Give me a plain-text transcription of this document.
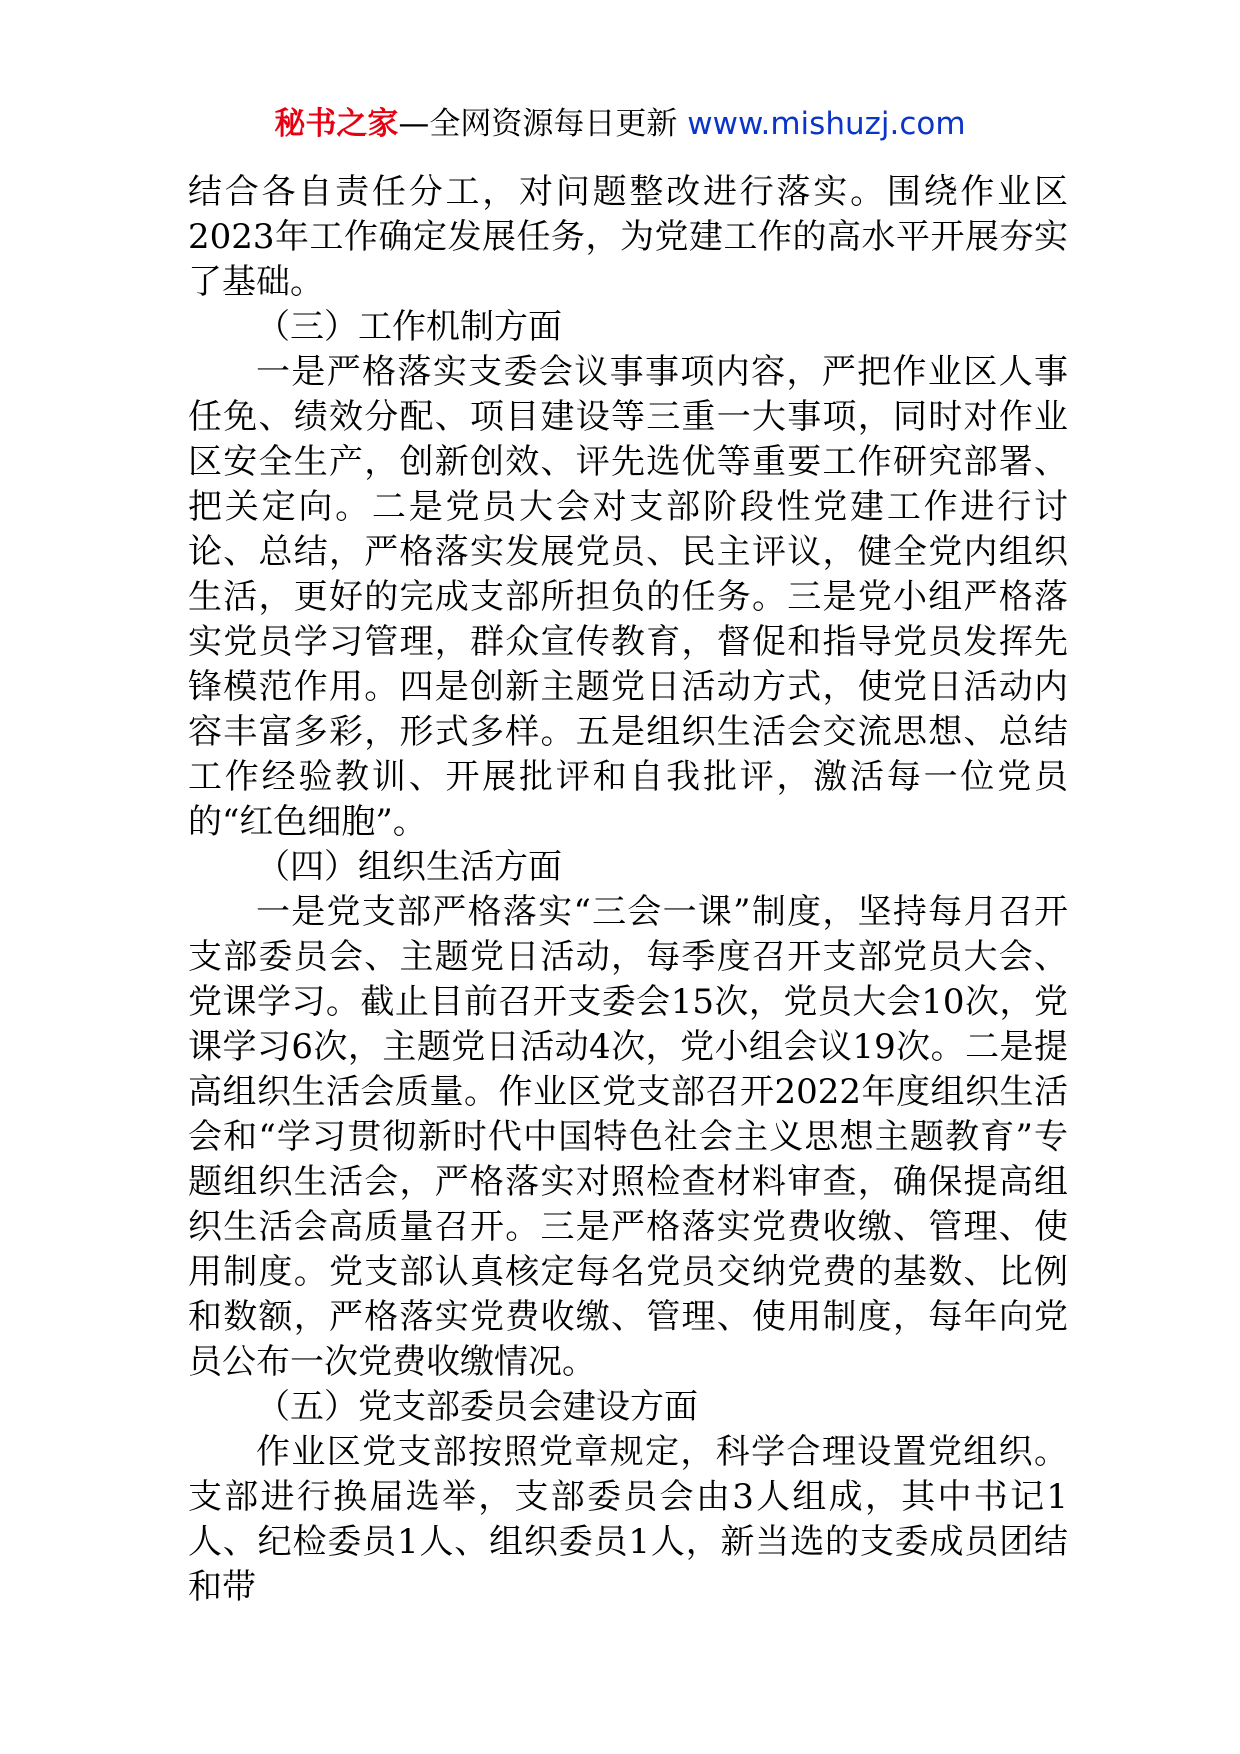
秘书之家—全网资源每日更新 www.mishuzj.com

结合各自责任分工，对问题整改进行落实。围绕作业区2023年工作确定发展任务，为党建工作的高水平开展夯实了基础。

（三）工作机制方面

一是严格落实支委会议事事项内容，严把作业区人事任免、绩效分配、项目建设等三重一大事项，同时对作业区安全生产，创新创效、评先选优等重要工作研究部署、把关定向。二是党员大会对支部阶段性党建工作进行讨论、总结，严格落实发展党员、民主评议，健全党内组织生活，更好的完成支部所担负的任务。三是党小组严格落实党员学习管理，群众宣传教育，督促和指导党员发挥先锋模范作用。四是创新主题党日活动方式，使党日活动内容丰富多彩，形式多样。五是组织生活会交流思想、总结工作经验教训、开展批评和自我批评，激活每一位党员的“红色细胞”。

（四）组织生活方面

一是党支部严格落实“三会一课”制度，坚持每月召开支部委员会、主题党日活动，每季度召开支部党员大会、党课学习。截止目前召开支委会15次，党员大会10次，党课学习6次，主题党日活动4次，党小组会议19次。二是提高组织生活会质量。作业区党支部召开2022年度组织生活会和“学习贯彻新时代中国特色社会主义思想主题教育”专题组织生活会，严格落实对照检查材料审查，确保提高组织生活会高质量召开。三是严格落实党费收缴、管理、使用制度。党支部认真核定每名党员交纳党费的基数、比例和数额，严格落实党费收缴、管理、使用制度，每年向党员公布一次党费收缴情况。

（五）党支部委员会建设方面

作业区党支部按照党章规定，科学合理设置党组织。支部进行换届选举，支部委员会由3人组成，其中书记1人、纪检委员1人、组织委员1人，新当选的支委成员团结和带
